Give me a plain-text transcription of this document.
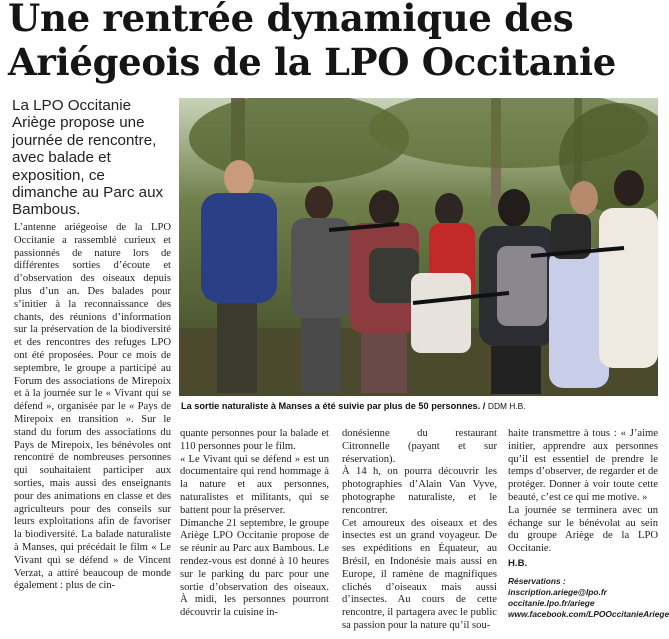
Une rentrée dynamique des Ariégeois de la LPO Occitanie

La LPO Occitanie Ariège propose une journée de rencontre, avec balade et exposition, ce dimanche au Parc aux Bambous.

La sortie naturaliste à Manses a été suivie par plus de 50 personnes. / DDM H.B.

L’antenne ariégeoise de la LPO Occitanie a rassemblé curieux et passionnés de nature lors de différentes sorties d’écoute et d’observation des oiseaux depuis plus d’un an. Des balades pour s’initier à la reconnaissance des chants, des réunions d’information sur la préservation de la biodiversité et des rencontres des refuges LPO ont été proposées. Pour ce mois de septembre, le groupe a participé au Forum des associations de Mirepoix et à la journée sur le « Vivant qui se défend », organisée par le « Pays de Mirepoix en transition ». Sur le stand du forum des associations du Pays de Mirepoix, les bénévoles ont rencontré de nombreuses personnes qui souhaitaient participer aux sorties, mais aussi des enseignants pour des animations en classe et des agriculteurs pour des conseils sur leurs exploitations afin de favoriser la biodiversité. La balade naturaliste à Manses, qui précédait le film « Le Vivant qui se défend » de Vincent Verzat, a attiré beaucoup de monde également : plus de cin-

quante personnes pour la balade et 110 personnes pour le film.

« Le Vivant qui se défend » est un documentaire qui rend hommage à la nature et aux personnes, naturalistes et militants, qui se battent pour la préserver.

Dimanche 21 septembre, le groupe Ariège LPO Occitanie propose de se réunir au Parc aux Bambous. Le rendez-vous est donné à 10 heures sur le parking du parc pour une sortie d’observation des oiseaux. À midi, les personnes pourront découvrir la cuisine in-

donésienne du restaurant Citronnelle (payant et sur réservation).

À 14 h, on pourra découvrir les photographies d’Alain Van Vyve, photographe naturaliste, et le rencontrer.

Cet amoureux des oiseaux et des insectes est un grand voyageur. De ses expéditions en Équateur, au Brésil, en Indonésie mais aussi en Europe, il ramène de magnifiques clichés d’oiseaux mais aussi d’insectes. Au cours de cette rencontre, il partagera avec le public sa passion pour la nature qu’il sou-

haite transmettre à tous : « J’aime initier, apprendre aux personnes qu’il est essentiel de prendre le temps d’observer, de regarder et de protéger. Donner à voir toute cette beauté, c’est ce qui me motive. »

La journée se terminera avec un échange sur le bénévolat au sein du groupe Ariège de la LPO Occitanie.

H.B.

Réservations : inscription.ariege@lpo.fr
occitanie.lpo.fr/ariege
www.facebook.com/LPOOccitanieAriege
